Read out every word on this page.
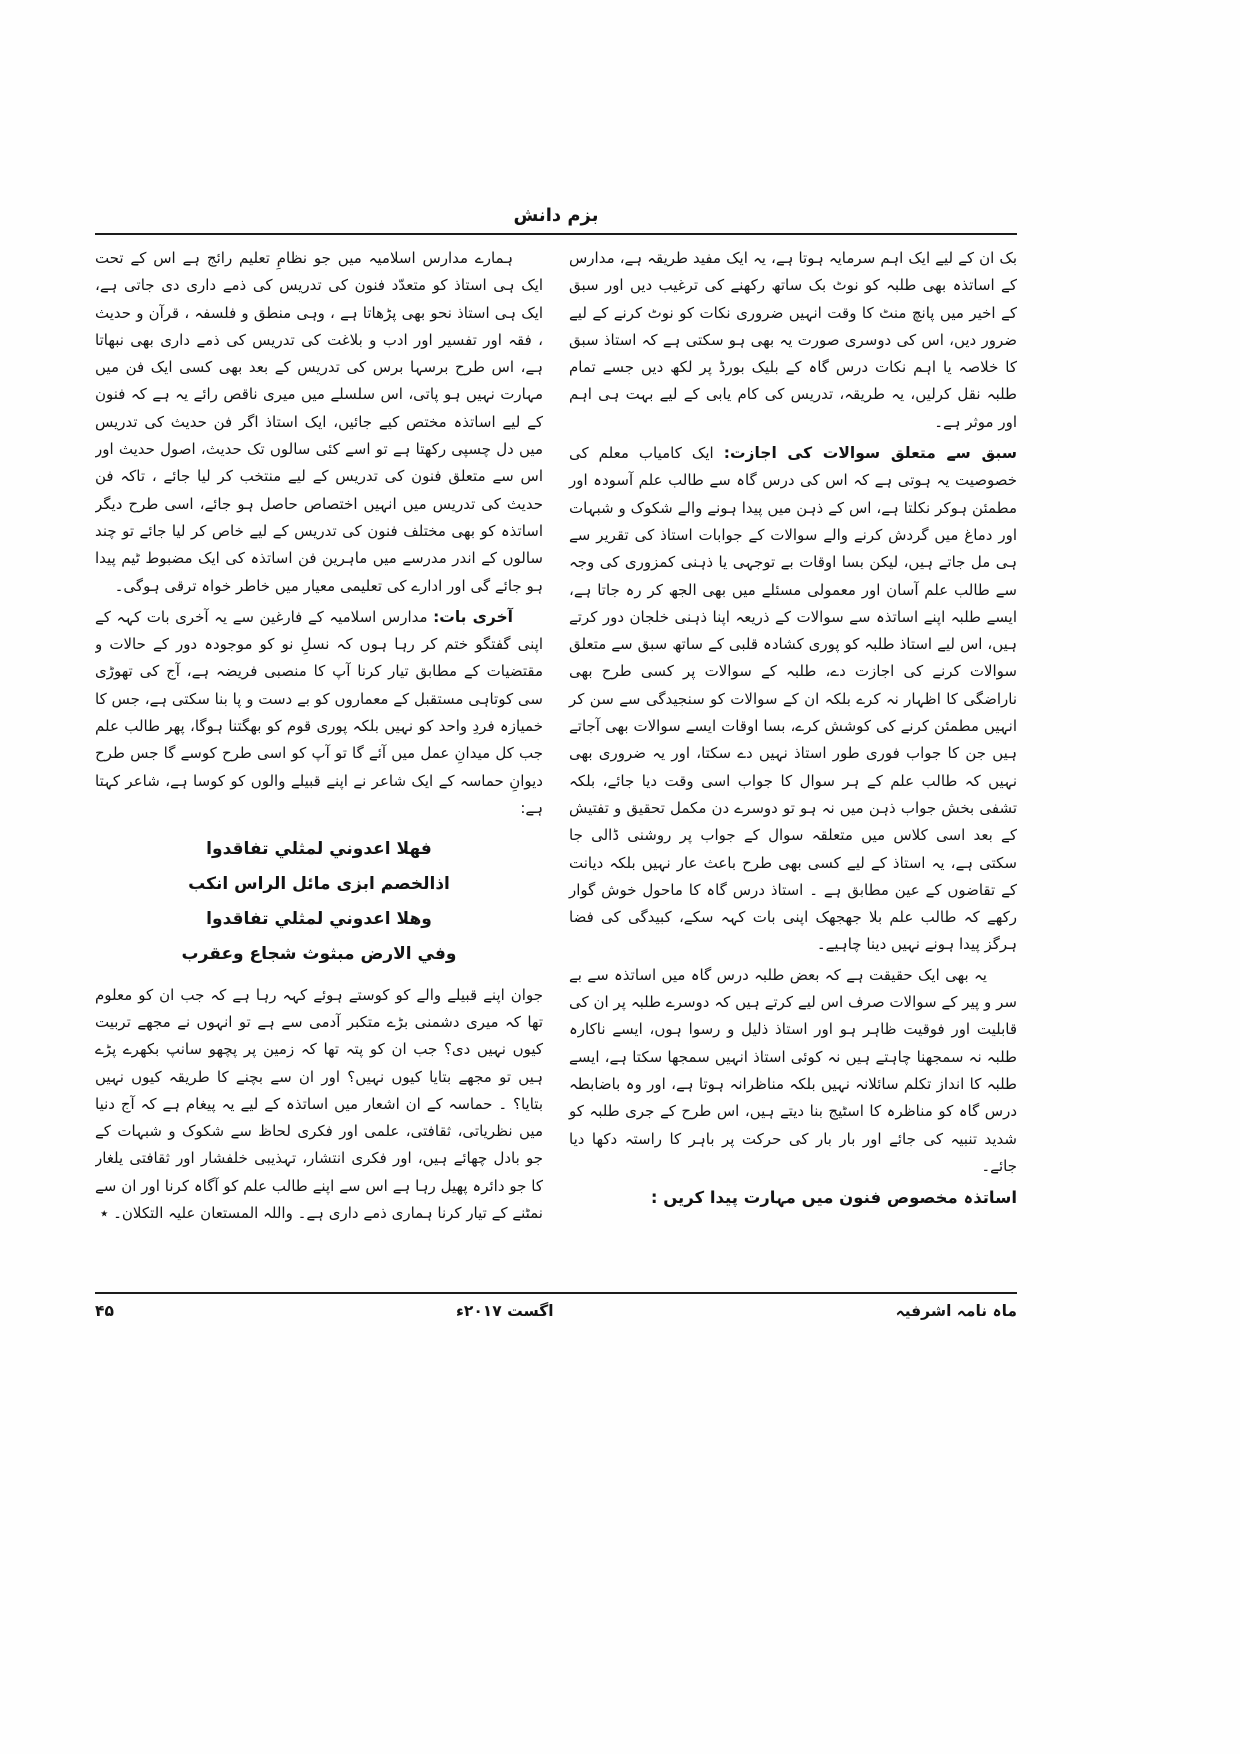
بزم دانش

بک ان کے لیے ایک اہم سرمایہ ہوتا ہے، یہ ایک مفید طریقہ ہے، مدارس کے اساتذہ بھی طلبہ کو نوٹ بک ساتھ رکھنے کی ترغیب دیں اور سبق کے اخیر میں پانچ منٹ کا وقت انہیں ضروری نکات کو نوٹ کرنے کے لیے ضرور دیں، اس کی دوسری صورت یہ بھی ہو سکتی ہے کہ استاذ سبق کا خلاصہ یا اہم نکات درس گاہ کے بلیک بورڈ پر لکھ دیں جسے تمام طلبہ نقل کرلیں، یہ طریقہ، تدریس کی کام یابی کے لیے بہت ہی اہم اور موثر ہے۔

سبق سے متعلق سوالات کی اجازت: ایک کامیاب معلم کی خصوصیت یہ ہوتی ہے کہ اس کی درس گاہ سے طالب علم آسودہ اور مطمئن ہوکر نکلتا ہے، اس کے ذہن میں پیدا ہونے والے شکوک و شبہات اور دماغ میں گردش کرنے والے سوالات کے جوابات استاذ کی تقریر سے ہی مل جاتے ہیں، لیکن بسا اوقات بے توجہی یا ذہنی کمزوری کی وجہ سے طالب علم آسان اور معمولی مسئلے میں بھی الجھ کر رہ جاتا ہے، ایسے طلبہ اپنے اساتذہ سے سوالات کے ذریعہ اپنا ذہنی خلجان دور کرتے ہیں، اس لیے استاذ طلبہ کو پوری کشادہ قلبی کے ساتھ سبق سے متعلق سوالات کرنے کی اجازت دے، طلبہ کے سوالات پر کسی طرح بھی ناراضگی کا اظہار نہ کرے بلکہ ان کے سوالات کو سنجیدگی سے سن کر انہیں مطمئن کرنے کی کوشش کرے، بسا اوقات ایسے سوالات بھی آجاتے ہیں جن کا جواب فوری طور استاذ نہیں دے سکتا، اور یہ ضروری بھی نہیں کہ طالب علم کے ہر سوال کا جواب اسی وقت دیا جائے، بلکہ تشفی بخش جواب ذہن میں نہ ہو تو دوسرے دن مکمل تحقیق و تفتیش کے بعد اسی کلاس میں متعلقہ سوال کے جواب پر روشنی ڈالی جا سکتی ہے، یہ استاذ کے لیے کسی بھی طرح باعث عار نہیں بلکہ دیانت کے تقاضوں کے عین مطابق ہے ۔ استاذ درس گاہ کا ماحول خوش گوار رکھے کہ طالب علم بلا جھجھک اپنی بات کہہ سکے، کبیدگی کی فضا ہرگز پیدا ہونے نہیں دینا چاہیے۔

یہ بھی ایک حقیقت ہے کہ بعض طلبہ درس گاہ میں اساتذہ سے بے سر و پیر کے سوالات صرف اس لیے کرتے ہیں کہ دوسرے طلبہ پر ان کی قابلیت اور فوقیت ظاہر ہو اور استاذ ذلیل و رسوا ہوں، ایسے ناکارہ طلبہ نہ سمجھنا چاہتے ہیں نہ کوئی استاذ انہیں سمجھا سکتا ہے، ایسے طلبہ کا انداز تکلم سائلانہ نہیں بلکہ مناظرانہ ہوتا ہے، اور وہ باضابطہ درس گاہ کو مناظرہ کا اسٹیج بنا دیتے ہیں، اس طرح کے جری طلبہ کو شدید تنبیہ کی جائے اور بار بار کی حرکت پر باہر کا راستہ دکھا دیا جائے۔

اساتذہ مخصوص فنون میں مہارت پیدا کریں :

ہمارے مدارس اسلامیہ میں جو نظامِ تعلیم رائج ہے اس کے تحت ایک ہی استاذ کو متعدّد فنون کی تدریس کی ذمے داری دی جاتی ہے، ایک ہی استاذ نحو بھی پڑھاتا ہے ، وہی منطق و فلسفہ ، قرآن و حدیث ، فقہ اور تفسیر اور ادب و بلاغت کی تدریس کی ذمے داری بھی نبھاتا ہے، اس طرح برسہا برس کی تدریس کے بعد بھی کسی ایک فن میں مہارت نہیں ہو پاتی، اس سلسلے میں میری ناقص رائے یہ ہے کہ فنون کے لیے اساتذہ مختص کیے جائیں، ایک استاذ اگر فن حدیث کی تدریس میں دل چسپی رکھتا ہے تو اسے کئی سالوں تک حدیث، اصول حدیث اور اس سے متعلق فنون کی تدریس کے لیے منتخب کر لیا جائے ، تاکہ فن حدیث کی تدریس میں انہیں اختصاص حاصل ہو جائے، اسی طرح دیگر اساتذہ کو بھی مختلف فنون کی تدریس کے لیے خاص کر لیا جائے تو چند سالوں کے اندر مدرسے میں ماہرین فن اساتذہ کی ایک مضبوط ٹیم پیدا ہو جائے گی اور ادارے کی تعلیمی معیار میں خاطر خواہ ترقی ہوگی۔

آخری بات: مدارس اسلامیہ کے فارغین سے یہ آخری بات کہہ کے اپنی گفتگو ختم کر رہا ہوں کہ نسلِ نو کو موجودہ دور کے حالات و مقتضیات کے مطابق تیار کرنا آپ کا منصبی فریضہ ہے، آج کی تھوڑی سی کوتاہی مستقبل کے معماروں کو بے دست و پا بنا سکتی ہے، جس کا خمیازہ فردِ واحد کو نہیں بلکہ پوری قوم کو بھگتنا ہوگا، پھر طالب علم جب کل میدانِ عمل میں آئے گا تو آپ کو اسی طرح کوسے گا جس طرح دیوانِ حماسہ کے ایک شاعر نے اپنے قبیلے والوں کو کوسا ہے، شاعر کہتا ہے:

فهلا اعدوني لمثلي تفاقدوا
اذالخصم ابزى مائل الراس انكب
وهلا اعدوني لمثلي تفاقدوا
وفي الارض مبثوث شجاع وعقرب

جوان اپنے قبیلے والے کو کوستے ہوئے کہہ رہا ہے کہ جب ان کو معلوم تھا کہ میری دشمنی بڑے متکبر آدمی سے ہے تو انہوں نے مجھے تربیت کیوں نہیں دی؟ جب ان کو پتہ تھا کہ زمین پر پچھو سانپ بکھرے پڑے ہیں تو مجھے بتایا کیوں نہیں؟ اور ان سے بچنے کا طریقہ کیوں نہیں بتایا؟ ۔ حماسہ کے ان اشعار میں اساتذہ کے لیے یہ پیغام ہے کہ آج دنیا میں نظریاتی، ثقافتی، علمی اور فکری لحاظ سے شکوک و شبہات کے جو بادل چھائے ہیں، اور فکری انتشار، تہذیبی خلفشار اور ثقافتی یلغار کا جو دائرہ پھیل رہا ہے اس سے اپنے طالب علم کو آگاہ کرنا اور ان سے نمٹنے کے تیار کرنا ہماری ذمے داری ہے۔ واللہ المستعان علیہ التکلان۔ ٭

ماہ نامہ اشرفیہ
اگست ۲۰۱۷ء
۴۵
